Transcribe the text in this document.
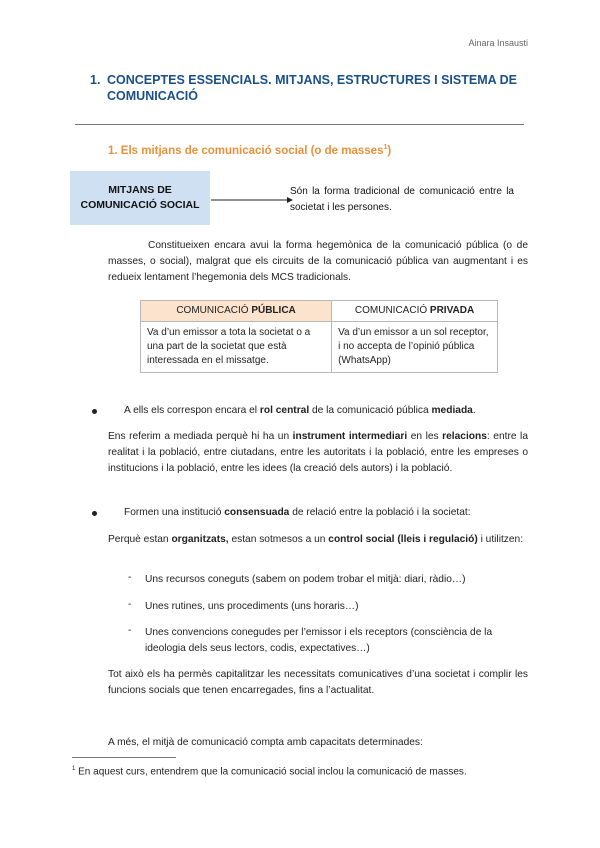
Ainara Insausti
1. CONCEPTES ESSENCIALS. MITJANS, ESTRUCTURES I SISTEMA DE COMUNICACIÓ
1. Els mitjans de comunicació social (o de masses$^1$)
MITJANS DE
COMUNICACIÓ SOCIAL
Són la forma tradicional de comunicació entre la societat i les persones.
Constitueixen encara avui la forma hegemònica de la comunicació pública (o de masses, o social), malgrat que els circuits de la comunicació pública van augmentant i es redueix lentament l’hegemonia dels MCS tradicionals.
COMUNICACIÓ PÚBLICA	COMUNICACIÓ PRIVADA
Va d’un emissor a tota la societat o a una part de la societat que està interessada en el missatge.	Va d’un emissor a un sol receptor, i no accepta de l’opinió pública (WhatsApp)
A ells els correspon encara el rol central de la comunicació pública mediada.
Ens referim a mediada perquè hi ha un instrument intermediari en les relacions: entre la realitat i la població, entre ciutadans, entre les autoritats i la població, entre les empreses o institucions i la població, entre les idees (la creació dels autors) i la població.
Formen una institució consensuada de relació entre la població i la societat:
Perquè estan organitzats, estan sotmesos a un control social (lleis i regulació) i utilitzen:
- Uns recursos coneguts (sabem on podem trobar el mitjà: diari, ràdio…)
- Unes rutines, uns procediments (uns horaris…)
- Unes convencions conegudes per l’emissor i els receptors (consciència de la ideologia dels seus lectors, codis, expectatives…)
Tot això els ha permès capitalitzar les necessitats comunicatives d’una societat i complir les funcions socials que tenen encarregades, fins a l’actualitat.
A més, el mitjà de comunicació compta amb capacitats determinades:
$^1$ En aquest curs, entendrem que la comunicació social inclou la comunicació de masses.
